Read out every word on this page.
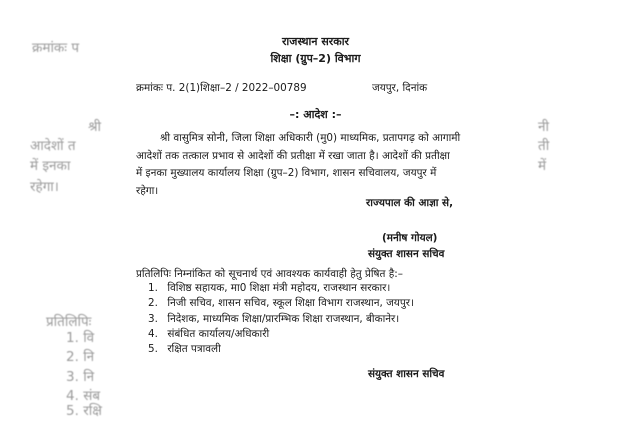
क्रमांकः प
श्री
आदेशों त
में इनका
रहेगा।
प्रतिलिपिः
1. वि
2. नि
3. नि
4. संब
5. रक्षि
नी
ती
में
राजस्थान सरकार
शिक्षा (ग्रुप–2) विभाग
क्रमांकः प. 2(1)शिक्षा–2 / 2022–00789	जयपुर, दिनांक
–: आदेश :–
श्री वासुमित्र सोनी, जिला शिक्षा अधिकारी (मु0) माध्यमिक, प्रतापगढ़ को आगामी
आदेशों तक तत्काल प्रभाव से आदेशों की प्रतीक्षा में रखा जाता है। आदेशों की प्रतीक्षा
में इनका मुख्यालय कार्यालय शिक्षा (ग्रुप–2) विभाग, शासन सचिवालय, जयपुर में
रहेगा।
राज्यपाल की आज्ञा से,
(मनीष गोयल)
संयुक्त शासन सचिव
प्रतिलिपिः निम्नांकित को सूचनार्थ एवं आवश्यक कार्यवाही हेतु प्रेषित है:–
1. विशिष्ठ सहायक, मा0 शिक्षा मंत्री महोदय, राजस्थान सरकार।
2. निजी सचिव, शासन सचिव, स्कूल शिक्षा विभाग राजस्थान, जयपुर।
3. निदेशक, माध्यमिक शिक्षा/प्रारम्भिक शिक्षा राजस्थान, बीकानेर।
4. संबंधित कार्यालय/अधिकारी
5. रक्षित पत्रावली
संयुक्त शासन सचिव
